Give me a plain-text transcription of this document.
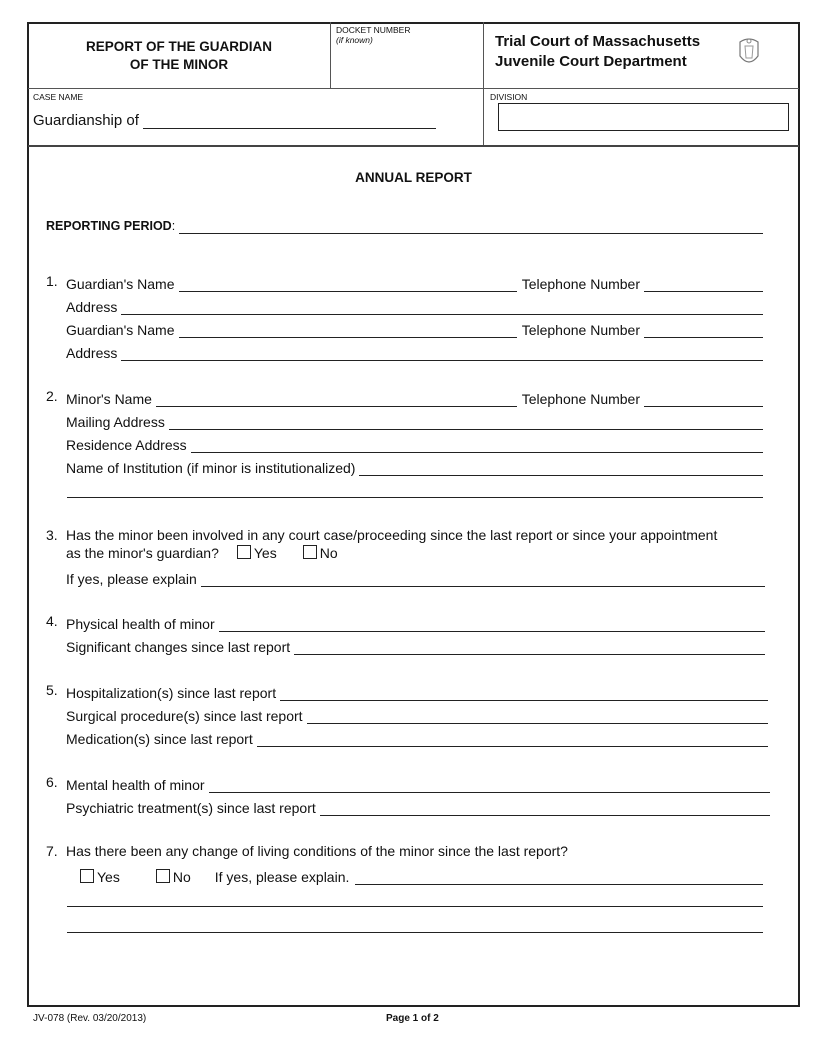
REPORT OF THE GUARDIAN
OF THE MINOR
DOCKET NUMBER
(if known)	Trial Court of Massachusetts
Juvenile Court Department
CASE NAME
Guardianship of
DIVISION
ANNUAL REPORT
REPORTING PERIOD :
1. Guardian's Name	Telephone Number
Address
Guardian's Name	Telephone Number
Address
2. Minor's Name	Telephone Number
Mailing Address
Residence Address
Name of Institution (if minor is institutionalized)
3. Has the minor been involved in any court case/proceeding since the last report or since your appointment
as the minor's guardian?	Yes	No
If yes, please explain
4. Physical health of minor
Significant changes since last report
5. Hospitalization(s) since last report
Surgical procedure(s) since last report
Medication(s) since last report
6. Mental health of minor
Psychiatric treatment(s) since last report
7. Has there been any change of living conditions of the minor since the last report?
Yes	No If yes, please explain.
JV-078 (Rev. 03/20/2013)	Page 1 of 2
